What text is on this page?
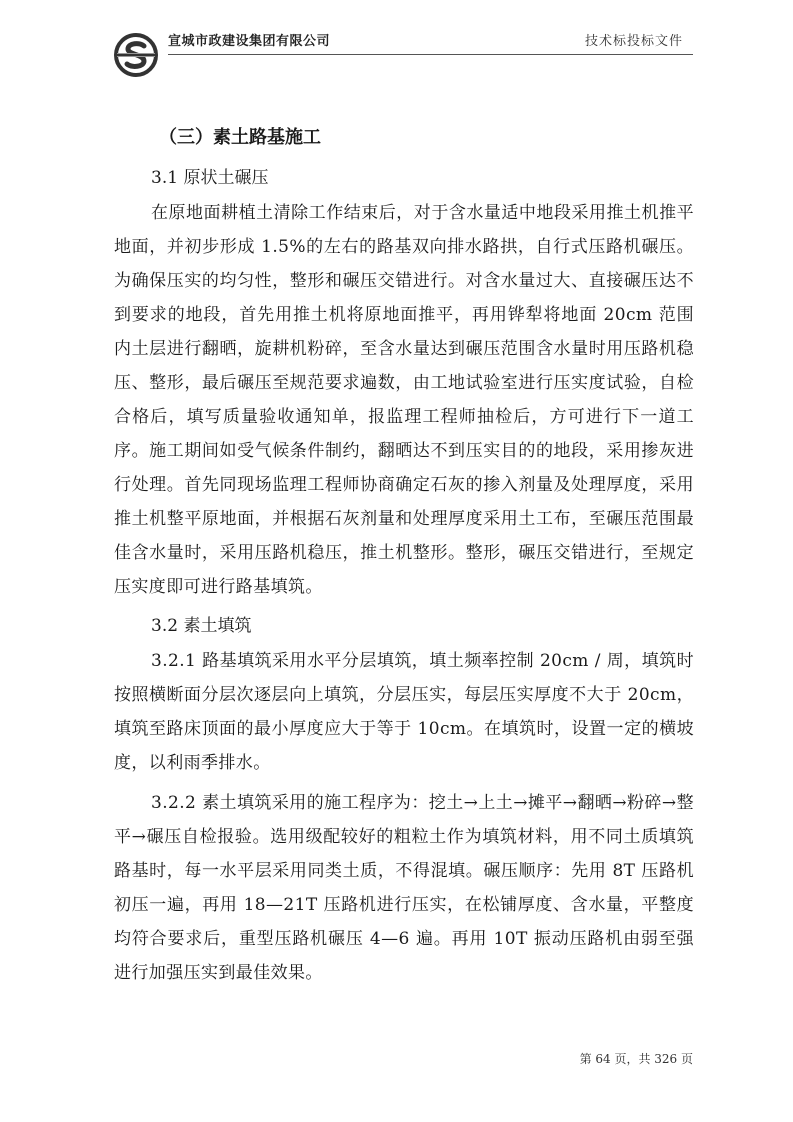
宣城市政建设集团有限公司	技术标投标文件
（三）素土路基施工
3.1 原状土碾压

在原地面耕植土清除工作结束后，对于含水量适中地段采用推土机推平地面，并初步形成 1.5%的左右的路基双向排水路拱，自行式压路机碾压。为确保压实的均匀性，整形和碾压交错进行。对含水量过大、直接碾压达不到要求的地段，首先用推土机将原地面推平，再用铧犁将地面 20cm 范围内土层进行翻晒，旋耕机粉碎，至含水量达到碾压范围含水量时用压路机稳压、整形，最后碾压至规范要求遍数，由工地试验室进行压实度试验，自检合格后，填写质量验收通知单，报监理工程师抽检后，方可进行下一道工序。施工期间如受气候条件制约，翻晒达不到压实目的的地段，采用掺灰进行处理。首先同现场监理工程师协商确定石灰的掺入剂量及处理厚度，采用推土机整平原地面，并根据石灰剂量和处理厚度采用土工布，至碾压范围最佳含水量时，采用压路机稳压，推土机整形。整形，碾压交错进行，至规定压实度即可进行路基填筑。

3.2 素土填筑

3.2.1 路基填筑采用水平分层填筑，填土频率控制 20cm / 周，填筑时按照横断面分层次逐层向上填筑，分层压实，每层压实厚度不大于 20cm，填筑至路床顶面的最小厚度应大于等于 10cm。在填筑时，设置一定的横坡度，以利雨季排水。

3.2.2 素土填筑采用的施工程序为：挖土→上土→摊平→翻晒→粉碎→整平→碾压自检报验。选用级配较好的粗粒土作为填筑材料，用不同土质填筑路基时，每一水平层采用同类土质，不得混填。碾压顺序：先用 8T 压路机初压一遍，再用 18—21T 压路机进行压实，在松铺厚度、含水量，平整度均符合要求后，重型压路机碾压 4—6 遍。再用 10T 振动压路机由弱至强进行加强压实到最佳效果。

第 64 页，共 326 页
